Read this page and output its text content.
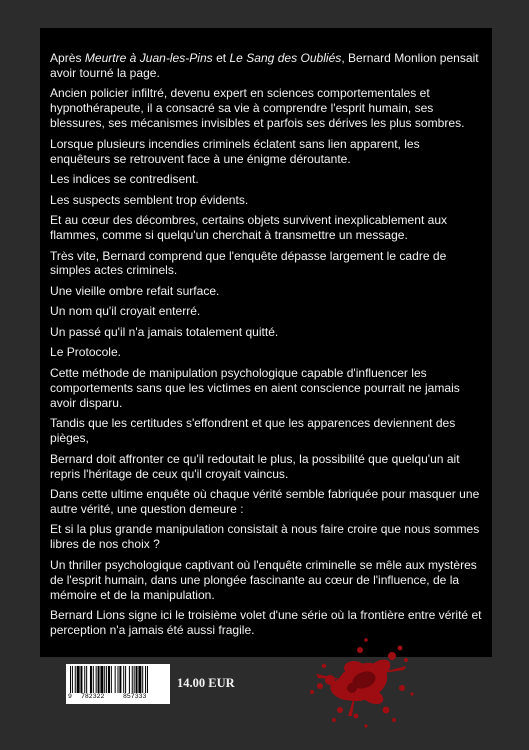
Après Meurtre à Juan-les-Pins et Le Sang des Oubliés, Bernard Monlion pensait avoir tourné la page.

Ancien policier infiltré, devenu expert en sciences comportementales et hypnothérapeute, il a consacré sa vie à comprendre l'esprit humain, ses blessures, ses mécanismes invisibles et parfois ses dérives les plus sombres.

Lorsque plusieurs incendies criminels éclatent sans lien apparent, les enquêteurs se retrouvent face à une énigme déroutante.

Les indices se contredisent.

Les suspects semblent trop évidents.

Et au cœur des décombres, certains objets survivent inexplicablement aux flammes, comme si quelqu'un cherchait à transmettre un message.

Très vite, Bernard comprend que l'enquête dépasse largement le cadre de simples actes criminels.

Une vieille ombre refait surface.

Un nom qu'il croyait enterré.

Un passé qu'il n'a jamais totalement quitté.

Le Protocole.

Cette méthode de manipulation psychologique capable d'influencer les comportements sans que les victimes en aient conscience pourrait ne jamais avoir disparu.

Tandis que les certitudes s'effondrent et que les apparences deviennent des pièges,

Bernard doit affronter ce qu'il redoutait le plus, la possibilité que quelqu'un ait repris l'héritage de ceux qu'il croyait vaincus.

Dans cette ultime enquête où chaque vérité semble fabriquée pour masquer une autre vérité, une question demeure :

Et si la plus grande manipulation consistait à nous faire croire que nous sommes libres de nos choix ?

Un thriller psychologique captivant où l'enquête criminelle se mêle aux mystères de l'esprit humain, dans une plongée fascinante au cœur de l'influence, de la mémoire et de la manipulation.

Bernard Lions signe ici le troisième volet d'une série où la frontière entre vérité et perception n'a jamais été aussi fragile.

9 782322	857333
14.00 EUR
